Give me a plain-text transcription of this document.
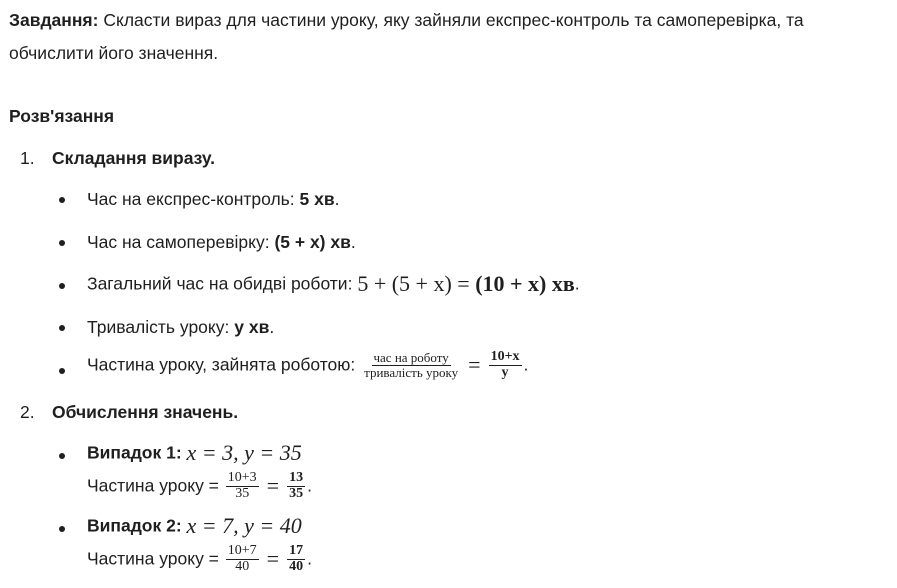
Завдання: Скласти вираз для частини уроку, яку зайняли експрес-контроль та самоперевірка, та
обчислити його значення.
Розв'язання
1. Складання виразу.
Час на експрес-контроль: 5 хв.
Час на самоперевірку: (5 + x) хв.
Загальний час на обидві роботи: 5 + (5 + x) = (10 + x) хв.
Тривалість уроку: y хв.
Частина уроку, зайнята роботою: $\frac{\text{час на роботу}}{\text{тривалість уроку}} = \frac{10+x}{y}$ .
2. Обчислення значень.
Випадок 1: x = 3, y = 35
Частина уроку = $\frac{10+3}{35} = \frac{13}{35}$ .
Випадок 2: x = 7, y = 40
Частина уроку = $\frac{10+7}{40} = \frac{17}{40}$ .
